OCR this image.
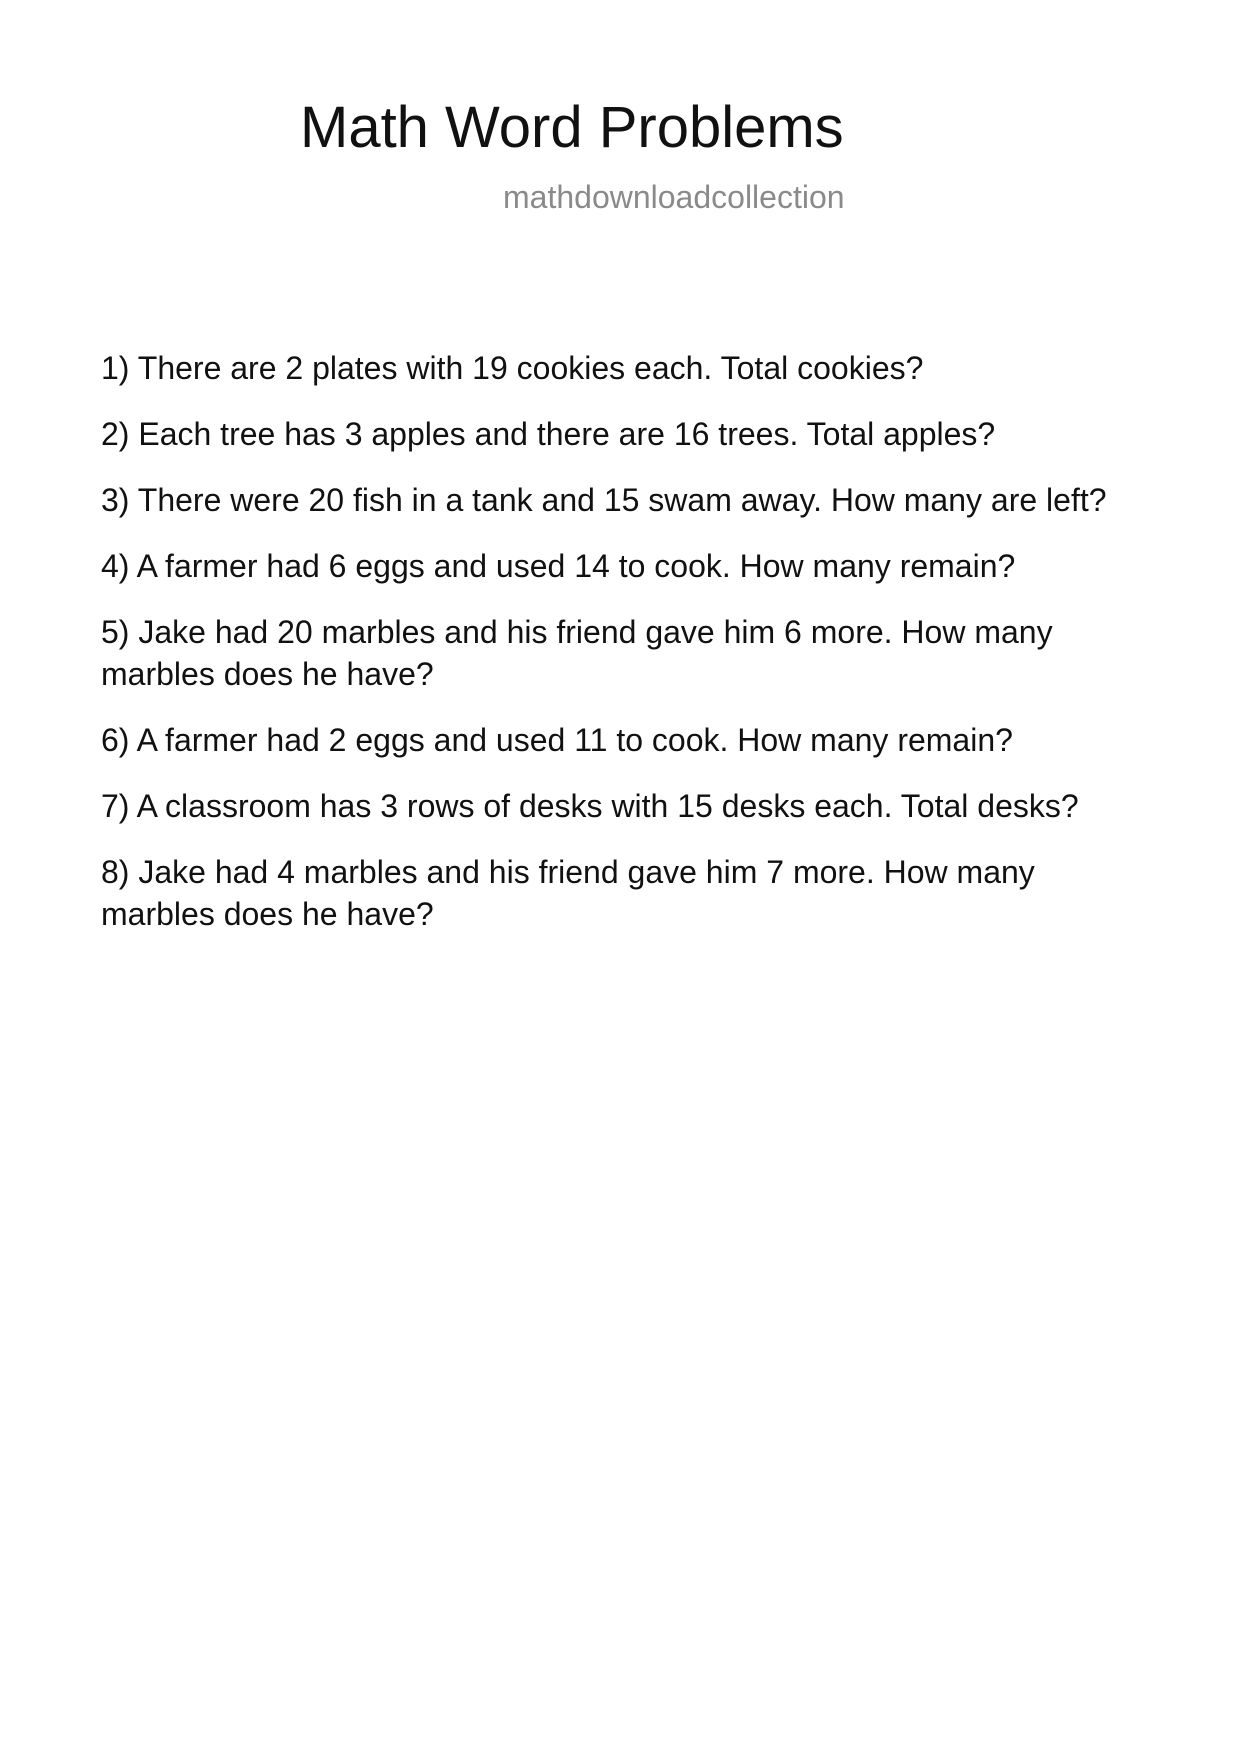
Math Word Problems
mathdownloadcollection
1) There are 2 plates with 19 cookies each. Total cookies?
2) Each tree has 3 apples and there are 16 trees. Total apples?
3) There were 20 fish in a tank and 15 swam away. How many are left?
4) A farmer had 6 eggs and used 14 to cook. How many remain?
5) Jake had 20 marbles and his friend gave him 6 more. How many marbles does he have?
6) A farmer had 2 eggs and used 11 to cook. How many remain?
7) A classroom has 3 rows of desks with 15 desks each. Total desks?
8) Jake had 4 marbles and his friend gave him 7 more. How many marbles does he have?
